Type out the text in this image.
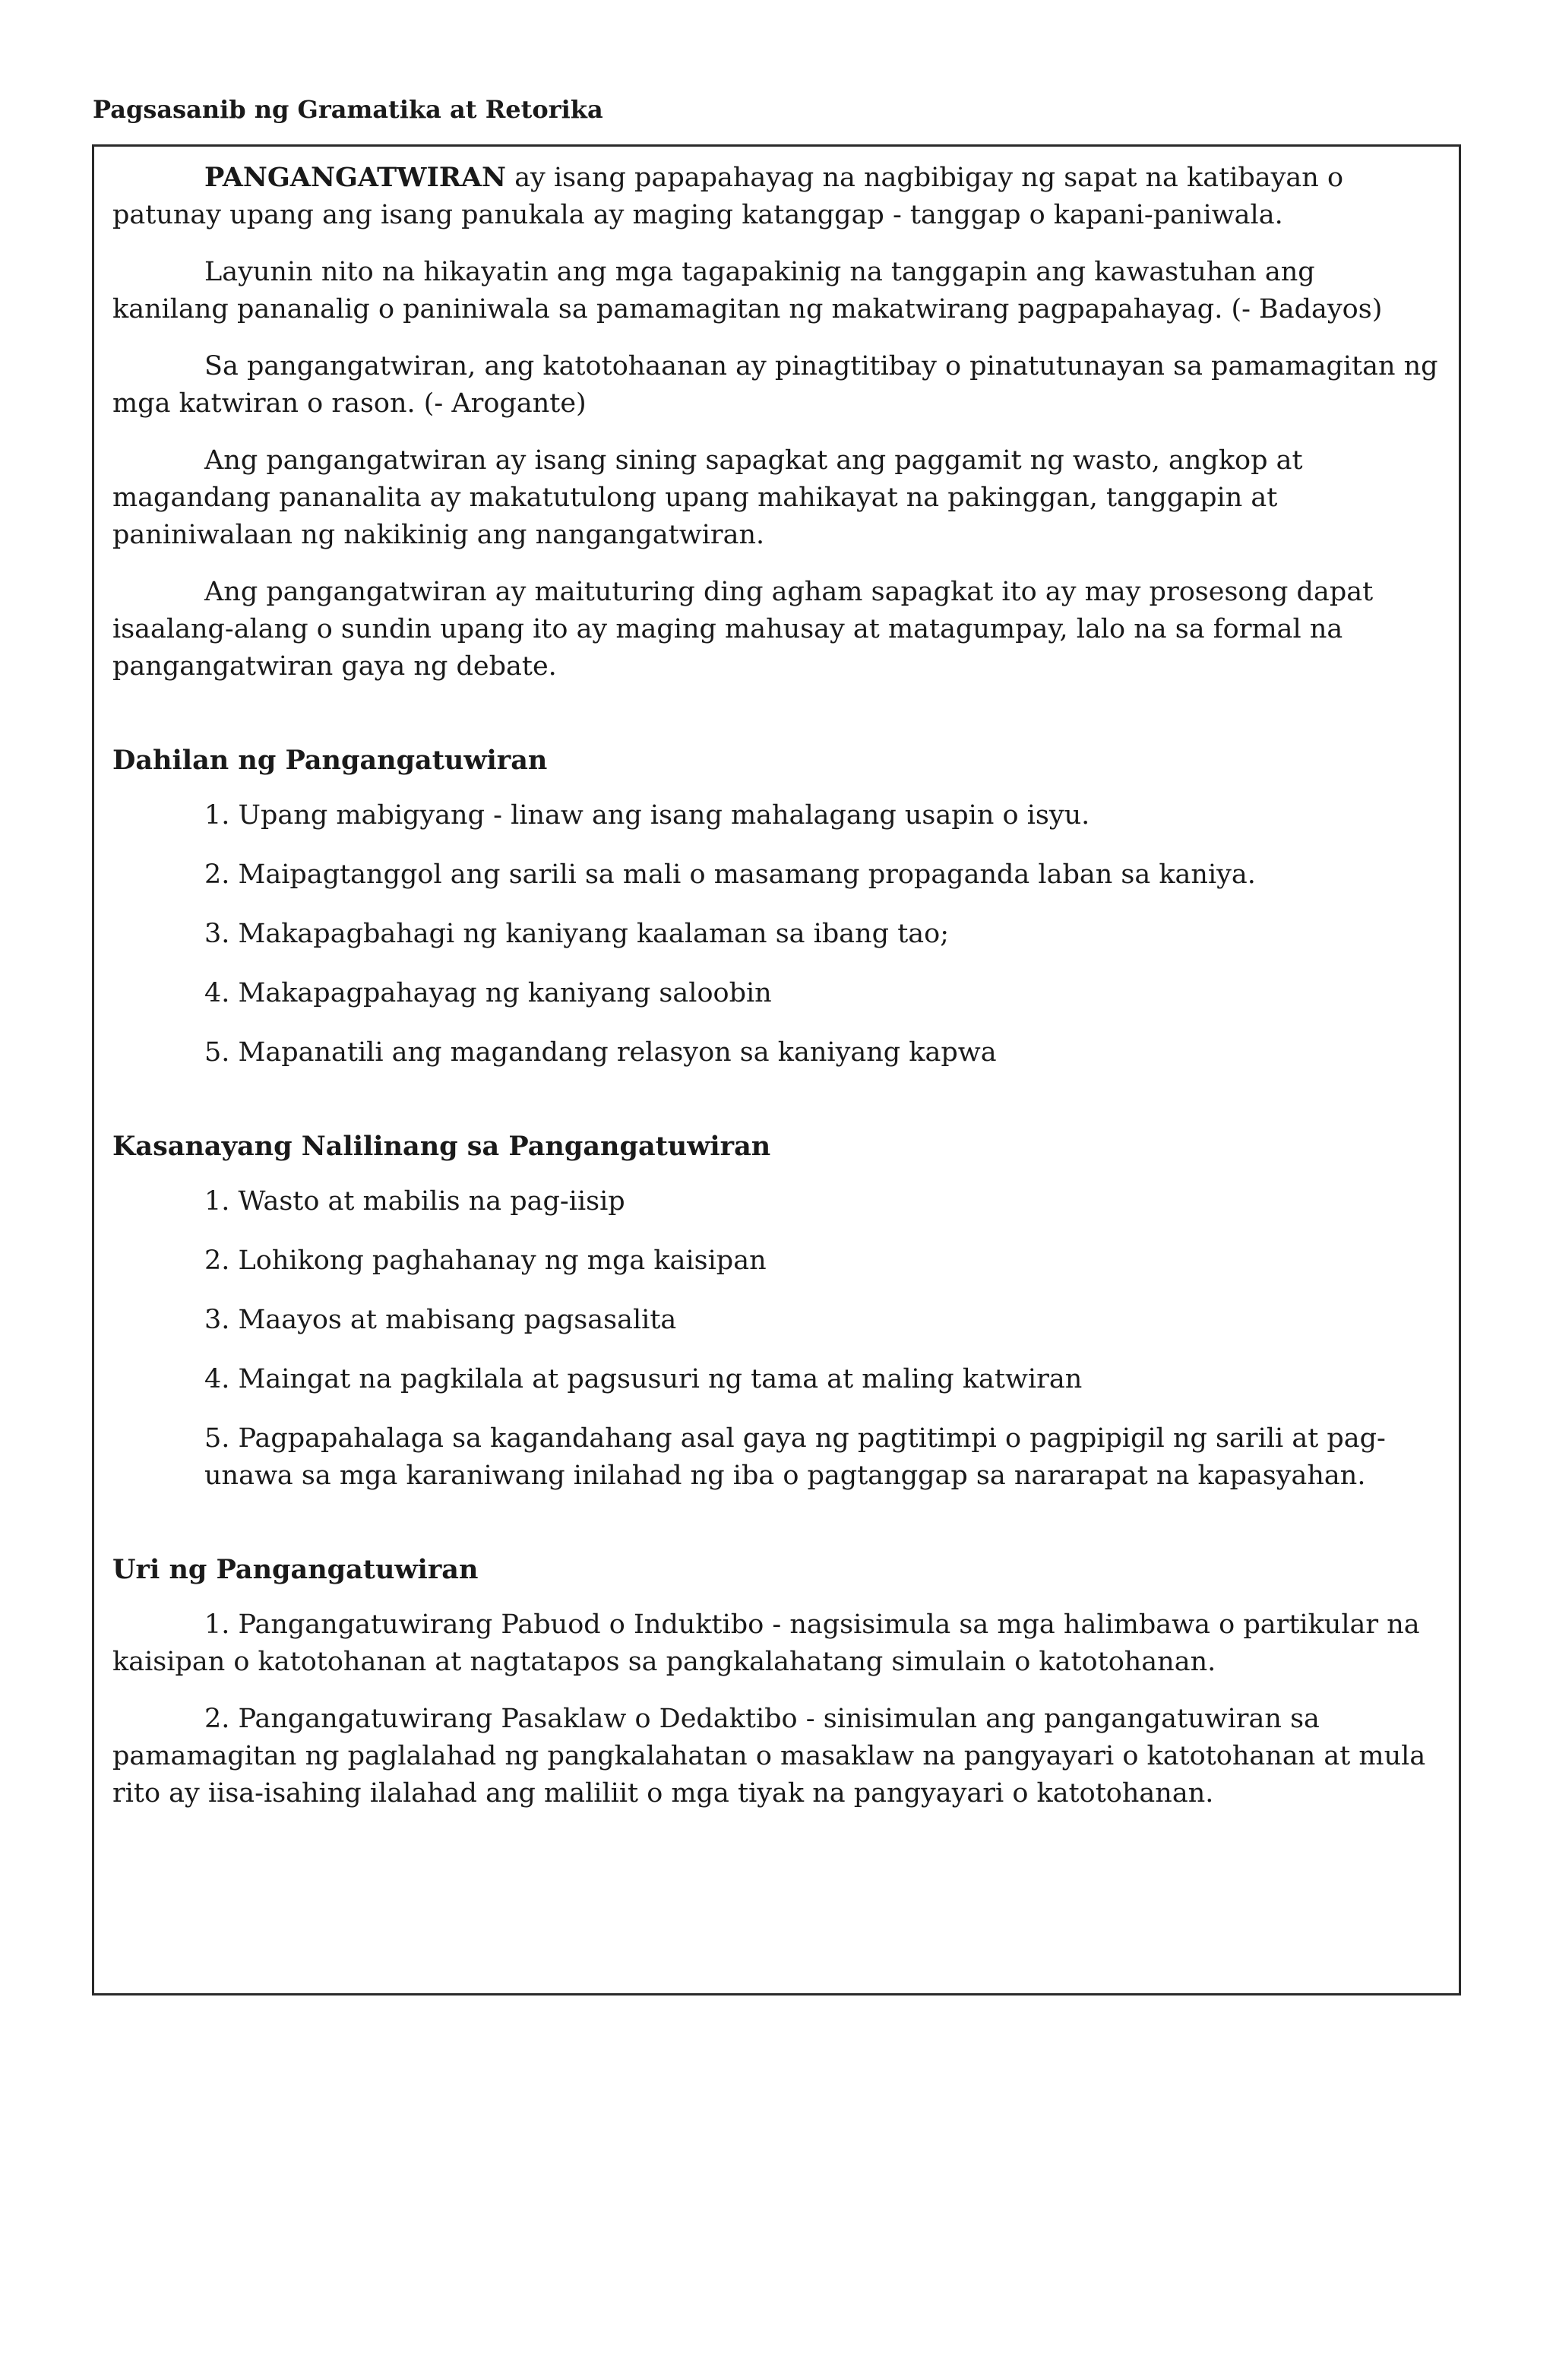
Pagsasanib ng Gramatika at Retorika

PANGANGATWIRAN ay isang papapahayag na nagbibigay ng sapat na katibayan o patunay upang ang isang panukala ay maging katanggap - tanggap o kapani-paniwala.

Layunin nito na hikayatin ang mga tagapakinig na tanggapin ang kawastuhan ang kanilang pananalig o paniniwala sa pamamagitan ng makatwirang pagpapahayag. (- Badayos)

Sa pangangatwiran, ang katotohaanan ay pinagtitibay o pinatutunayan sa pamamagitan ng mga katwiran o rason. (- Arogante)

Ang pangangatwiran ay isang sining sapagkat ang paggamit ng wasto, angkop at magandang pananalita ay makatutulong upang mahikayat na pakinggan, tanggapin at paniniwalaan ng nakikinig ang nangangatwiran.

Ang pangangatwiran ay maituturing ding agham sapagkat ito ay may prosesong dapat isaalang-alang o sundin upang ito ay maging mahusay at matagumpay, lalo na sa formal na pangangatwiran gaya ng debate.

Dahilan ng Pangangatuwiran
1. Upang mabigyang - linaw ang isang mahalagang usapin o isyu.
2. Maipagtanggol ang sarili sa mali o masamang propaganda laban sa kaniya.
3. Makapagbahagi ng kaniyang kaalaman sa ibang tao;
4. Makapagpahayag ng kaniyang saloobin
5. Mapanatili ang magandang relasyon sa kaniyang kapwa
Kasanayang Nalilinang sa Pangangatuwiran
1. Wasto at mabilis na pag-iisip
2. Lohikong paghahanay ng mga kaisipan
3. Maayos at mabisang pagsasalita
4. Maingat na pagkilala at pagsusuri ng tama at maling katwiran
5. Pagpapahalaga sa kagandahang asal gaya ng pagtitimpi o pagpipigil ng sarili at pag- unawa sa mga karaniwang inilahad ng iba o pagtanggap sa nararapat na kapasyahan.
Uri ng Pangangatuwiran

1. Pangangatuwirang Pabuod o Induktibo - nagsisimula sa mga halimbawa o partikular na kaisipan o katotohanan at nagtatapos sa pangkalahatang simulain o katotohanan.

2. Pangangatuwirang Pasaklaw o Dedaktibo - sinisimulan ang pangangatuwiran sa pamamagitan ng paglalahad ng pangkalahatan o masaklaw na pangyayari o katotohanan at mula rito ay iisa-isahing ilalahad ang maliliit o mga tiyak na pangyayari o katotohanan.
